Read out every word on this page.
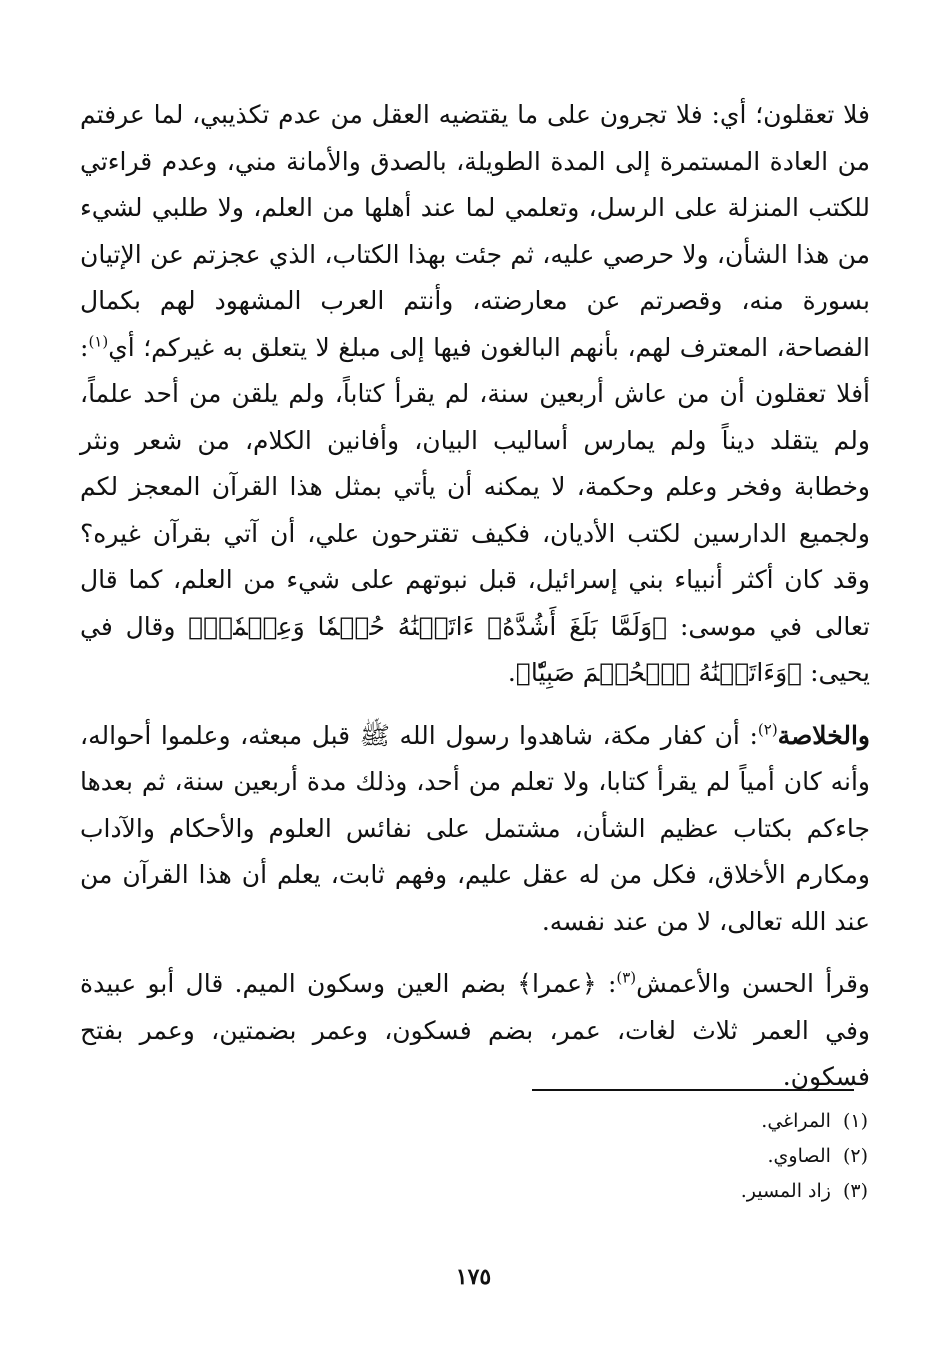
فلا تعقلون؛ أي: فلا تجرون على ما يقتضيه العقل من عدم تكذيبي، لما عرفتم من العادة المستمرة إلى المدة الطويلة، بالصدق والأمانة مني، وعدم قراءتي للكتب المنزلة على الرسل، وتعلمي لما عند أهلها من العلم، ولا طلبي لشيء من هذا الشأن، ولا حرصي عليه، ثم جئت بهذا الكتاب، الذي عجزتم عن الإتيان بسورة منه، وقصرتم عن معارضته، وأنتم العرب المشهود لهم بكمال الفصاحة، المعترف لهم، بأنهم البالغون فيها إلى مبلغ لا يتعلق به غيركم؛ أي$^{(١)}$: أفلا تعقلون أن من عاش أربعين سنة، لم يقرأ كتاباً، ولم يلقن من أحد علماً، ولم يتقلد ديناً ولم يمارس أساليب البيان، وأفانين الكلام، من شعر ونثر وخطابة وفخر وعلم وحكمة، لا يمكنه أن يأتي بمثل هذا القرآن المعجز لكم ولجميع الدارسين لكتب الأديان، فكيف تقترحون علي، أن آتي بقرآن غيره؟ وقد كان أكثر أنبياء بني إسرائيل، قبل نبوتهم على شيء من العلم، كما قال تعالى في موسى: ﴿وَلَمَّا بَلَغَ أَشُدَّهُۥ ءَاتَيۡنَٰهُ حُكۡمٗا وَعِلۡمٗاۚ﴾ وقال في يحيى: ﴿وَءَاتَيۡنَٰهُ ٱلۡحُكۡمَ صَبِيّٗا﴾.

والخلاصة$^{(٢)}$: أن كفار مكة، شاهدوا رسول الله ﷺ قبل مبعثه، وعلموا أحواله، وأنه كان أمياً لم يقرأ كتابا، ولا تعلم من أحد، وذلك مدة أربعين سنة، ثم بعدها جاءكم بكتاب عظيم الشأن، مشتمل على نفائس العلوم والأحكام والآداب ومكارم الأخلاق، فكل من له عقل عليم، وفهم ثابت، يعلم أن هذا القرآن من عند الله تعالى، لا من عند نفسه.

وقرأ الحسن والأعمش$^{(٣)}$: ﴿عمرا﴾ بضم العين وسكون الميم. قال أبو عبيدة وفي العمر ثلاث لغات، عمر، بضم فسكون، وعمر بضمتين، وعمر بفتح فسكون.

(١)المراغي.
(٢)الصاوي.
(٣)زاد المسير.
١٧٥
